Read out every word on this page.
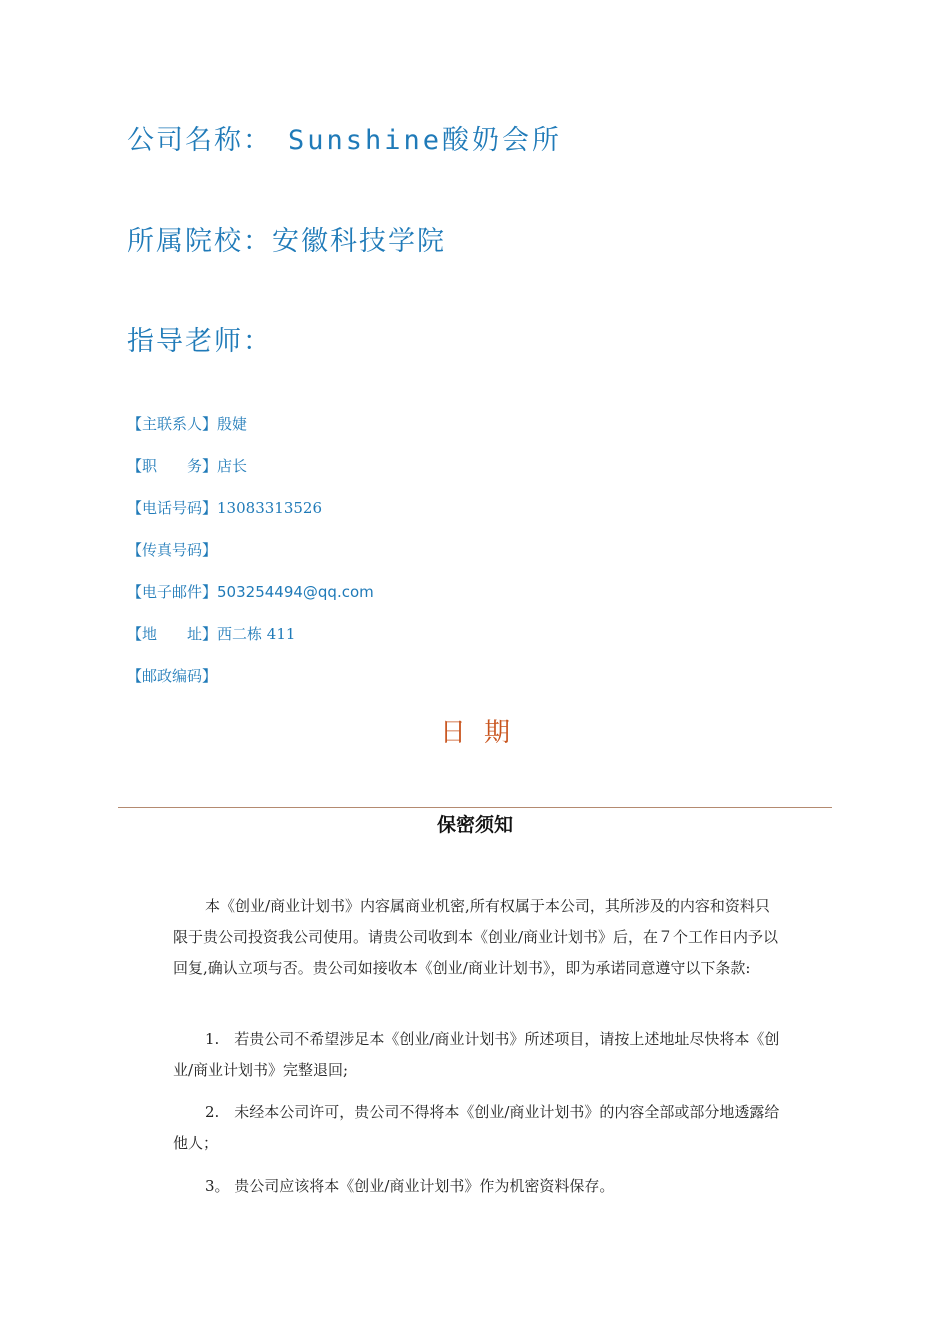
公司名称： Sunshine酸奶会所
所属院校：安徽科技学院
指导老师：
【主联系人】殷婕
【职　　务】店长
【电话号码】13083313526
【传真号码】
【电子邮件】503254494@qq.com
【地　　址】西二栋 411
【邮政编码】
日期
保密须知

本《创业/商业计划书》内容属商业机密,所有权属于本公司，其所涉及的内容和资料只限于贵公司投资我公司使用。请贵公司收到本《创业/商业计划书》后，在７个工作日内予以回复,确认立项与否。贵公司如接收本《创业/商业计划书》，即为承诺同意遵守以下条款:

1.　若贵公司不希望涉足本《创业/商业计划书》所述项目，请按上述地址尽快将本《创业/商业计划书》完整退回;

2.　未经本公司许可，贵公司不得将本《创业/商业计划书》的内容全部或部分地透露给他人；

3。 贵公司应该将本《创业/商业计划书》作为机密资料保存。
